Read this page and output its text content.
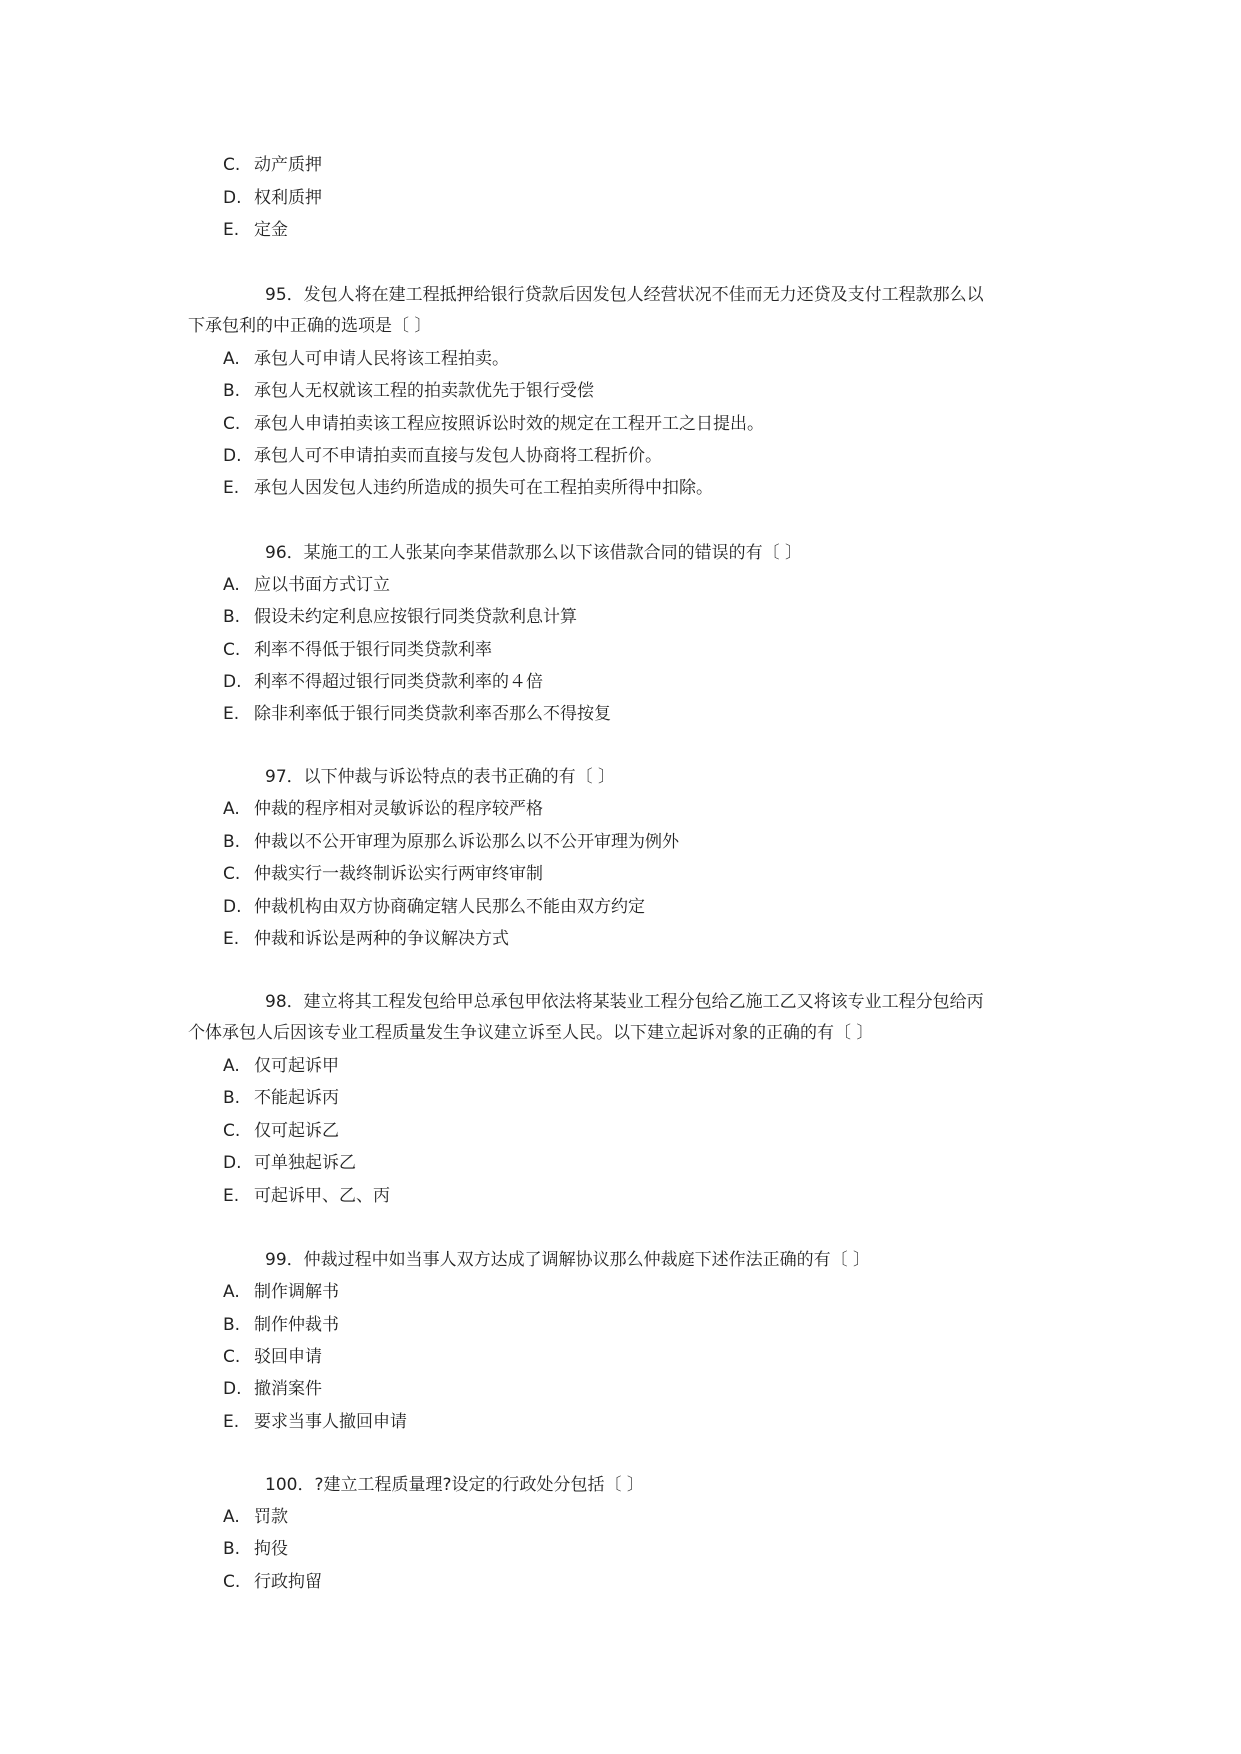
C. 动产质押
D. 权利质押
E. 定金
95．发包人将在建工程抵押给银行贷款后因发包人经营状况不佳而无力还贷及支付工程款那么以
下承包利的中正确的选项是〔 〕
A. 承包人可申请人民将该工程拍卖。
B. 承包人无权就该工程的拍卖款优先于银行受偿
C. 承包人申请拍卖该工程应按照诉讼时效的规定在工程开工之日提出。
D. 承包人可不申请拍卖而直接与发包人协商将工程折价。
E. 承包人因发包人违约所造成的损失可在工程拍卖所得中扣除。
96．某施工的工人张某向李某借款那么以下该借款合同的错误的有〔 〕
A. 应以书面方式订立
B. 假设未约定利息应按银行同类贷款利息计算
C. 利率不得低于银行同类贷款利率
D. 利率不得超过银行同类贷款利率的４倍
E. 除非利率低于银行同类贷款利率否那么不得按复
97．以下仲裁与诉讼特点的表书正确的有〔 〕
A. 仲裁的程序相对灵敏诉讼的程序较严格
B. 仲裁以不公开审理为原那么诉讼那么以不公开审理为例外
C. 仲裁实行一裁终制诉讼实行两审终审制
D. 仲裁机构由双方协商确定辖人民那么不能由双方约定
E. 仲裁和诉讼是两种的争议解决方式
98．建立将其工程发包给甲总承包甲依法将某装业工程分包给乙施工乙又将该专业工程分包给丙
个体承包人后因该专业工程质量发生争议建立诉至人民。以下建立起诉对象的正确的有〔 〕
A. 仅可起诉甲
B. 不能起诉丙
C. 仅可起诉乙
D. 可单独起诉乙
E. 可起诉甲、乙、丙
99．仲裁过程中如当事人双方达成了调解协议那么仲裁庭下述作法正确的有〔 〕
A. 制作调解书
B. 制作仲裁书
C. 驳回申请
D. 撤消案件
E. 要求当事人撤回申请
100．?建立工程质量理?设定的行政处分包括〔 〕
A. 罚款
B. 拘役
C. 行政拘留
